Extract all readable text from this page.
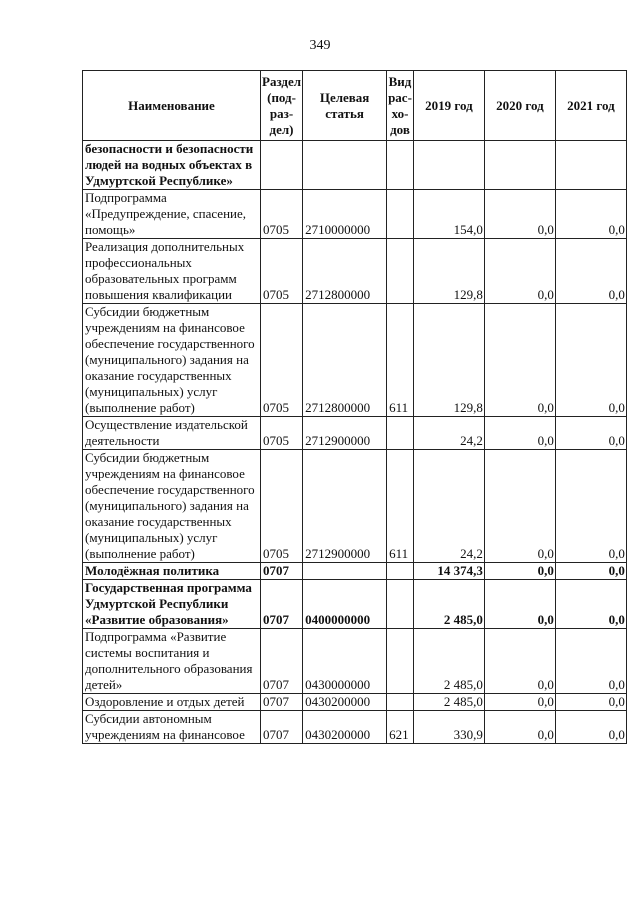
349
Наименование	Раздел (под-раз-дел)	Целевая статья	Вид рас-хо-дов	2019 год	2020 год	2021 год
безопасности и безопасности людей на водных объектах в Удмуртской Республике»						
Подпрограмма «Предупреждение, спасение, помощь»	0705	2710000000		154,0	0,0	0,0
Реализация дополнительных профессиональных образовательных программ повышения квалификации	0705	2712800000		129,8	0,0	0,0
Субсидии бюджетным учреждениям на финансовое обеспечение государственного (муниципального) задания на оказание государственных (муниципальных) услуг (выполнение работ)	0705	2712800000	611	129,8	0,0	0,0
Осуществление издательской деятельности	0705	2712900000		24,2	0,0	0,0
Субсидии бюджетным учреждениям на финансовое обеспечение государственного (муниципального) задания на оказание государственных (муниципальных) услуг (выполнение работ)	0705	2712900000	611	24,2	0,0	0,0
Молодёжная политика	0707			14 374,3	0,0	0,0
Государственная программа Удмуртской Республики «Развитие образования»	0707	0400000000		2 485,0	0,0	0,0
Подпрограмма «Развитие системы воспитания и дополнительного образования детей»	0707	0430000000		2 485,0	0,0	0,0
Оздоровление и отдых детей	0707	0430200000		2 485,0	0,0	0,0
Субсидии автономным учреждениям на финансовое	0707	0430200000	621	330,9	0,0	0,0
